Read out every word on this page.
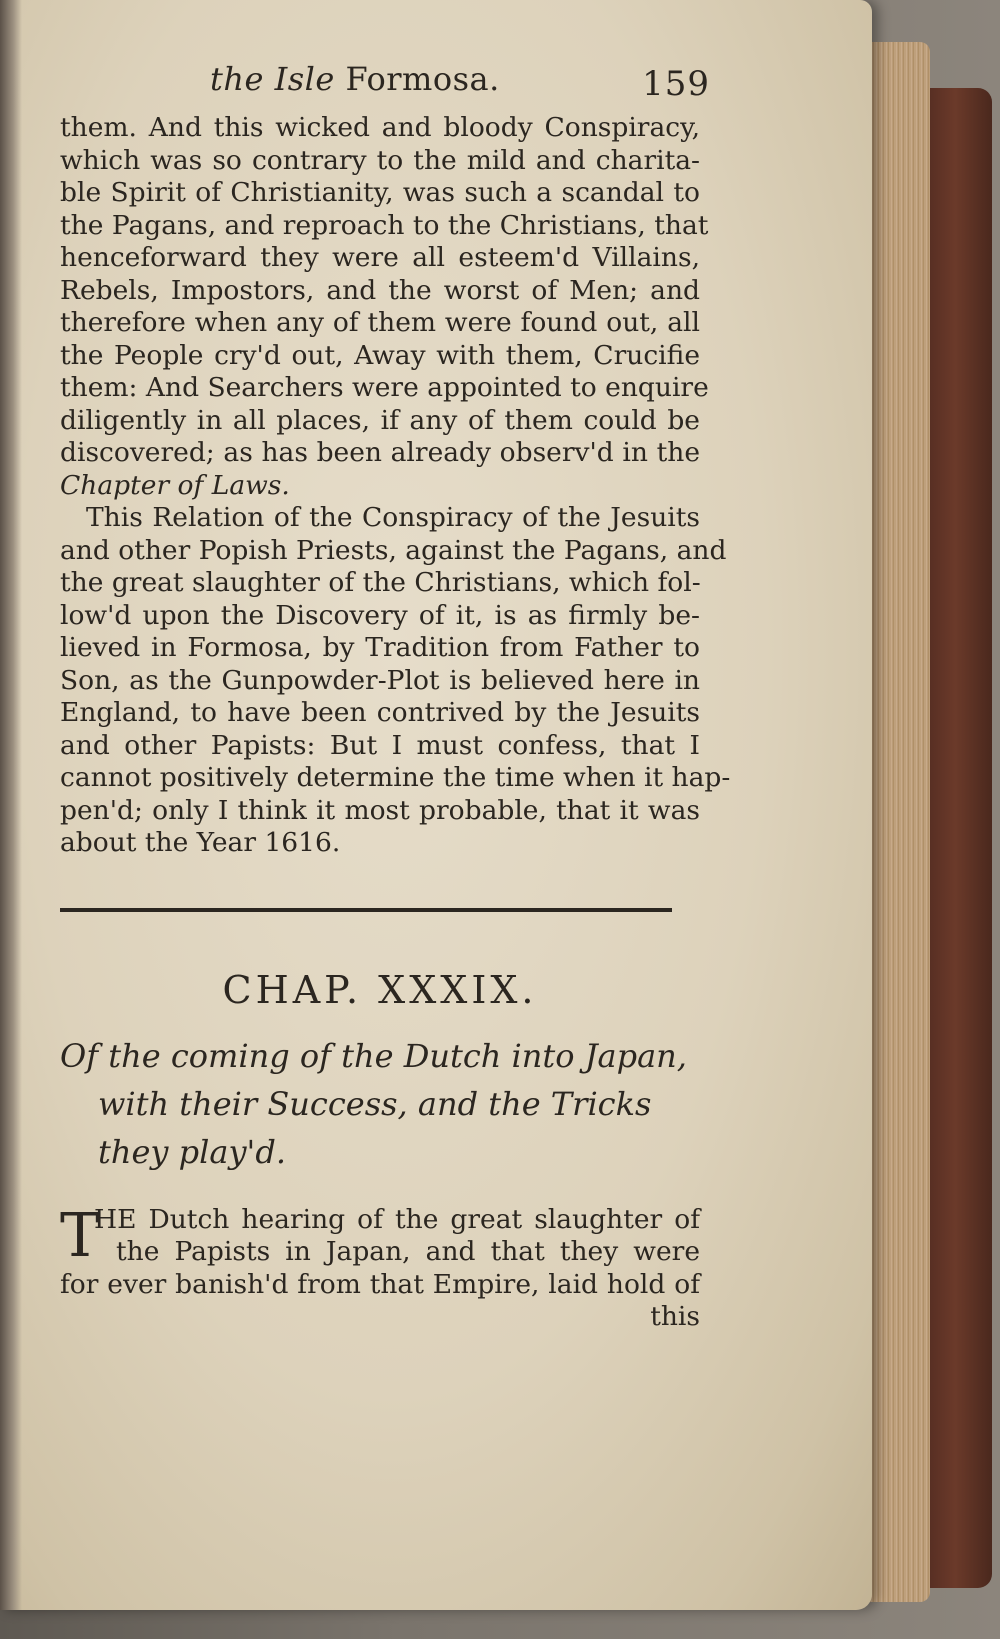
the Isle Formosa.	159
them. And this wicked and bloody Conspiracy,
which was so contrary to the mild and charita-
ble Spirit of Christianity, was such a scandal to
the Pagans, and reproach to the Christians, that
henceforward they were all esteem'd Villains,
Rebels, Impostors, and the worst of Men; and
therefore when any of them were found out, all
the People cry'd out, Away with them, Crucifie
them: And Searchers were appointed to enquire
diligently in all places, if any of them could be
discovered; as has been already observ'd in the
Chapter of Laws.
This Relation of the Conspiracy of the Jesuits
and other Popish Priests, against the Pagans, and
the great slaughter of the Christians, which fol-
low'd upon the Discovery of it, is as firmly be-
lieved in Formosa, by Tradition from Father to
Son, as the Gunpowder-Plot is believed here in
England, to have been contrived by the Jesuits
and other Papists: But I must confess, that I
cannot positively determine the time when it hap-
pen'd; only I think it most probable, that it was
about the Year 1616.
CHAP. XXXIX.
Of the coming of the Dutch into Japan,
with their Success, and the Tricks
they play'd.
T
HE Dutch hearing of the great slaughter of
the Papists in Japan, and that they were
for ever banish'd from that Empire, laid hold of
this
